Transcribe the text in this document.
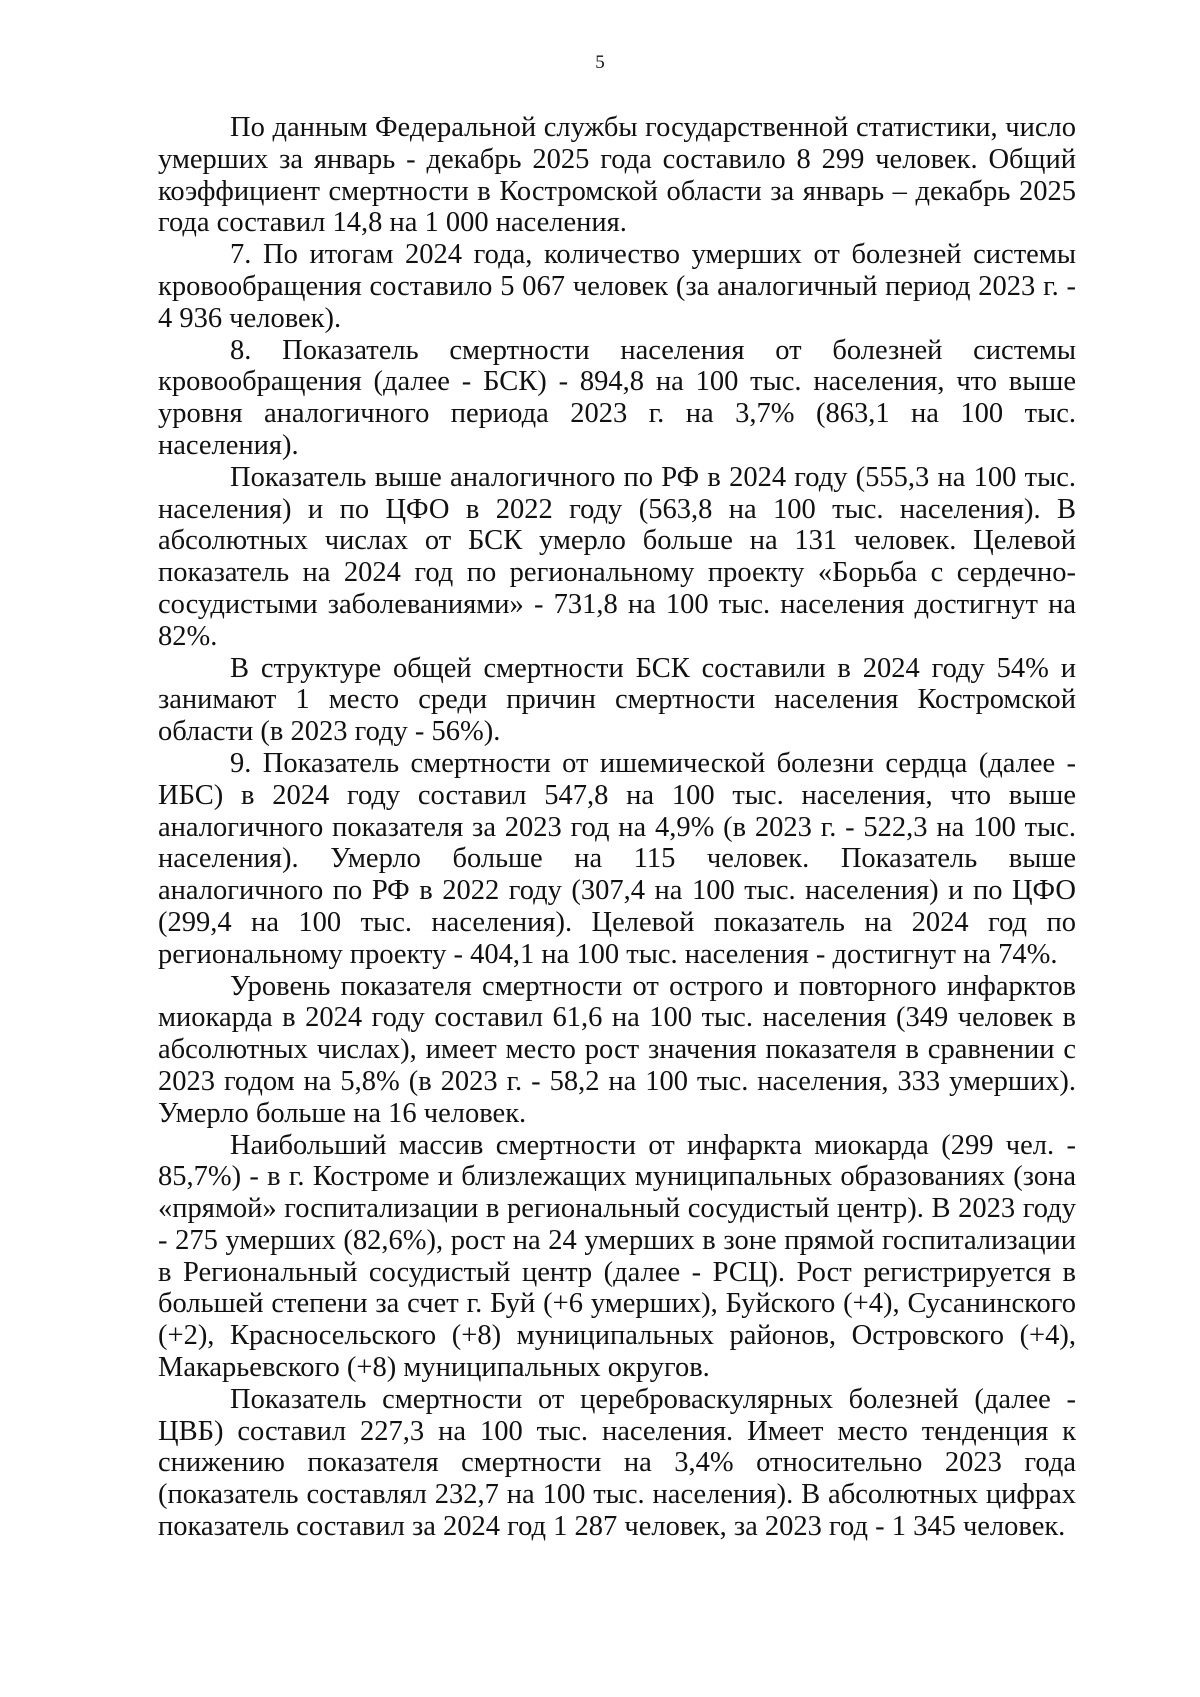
5

По данным Федеральной службы государственной статистики, число умерших за январь - декабрь 2025 года составило 8 299 человек. Общий коэффициент смертности в Костромской области за январь – декабрь 2025 года составил 14,8 на 1 000 населения.

7. По итогам 2024 года, количество умерших от болезней системы кровообращения составило 5 067 человек (за аналогичный период 2023 г. - 4 936 человек).

8. Показатель смертности населения от болезней системы кровообращения (далее - БСК) - 894,8 на 100 тыс. населения, что выше уровня аналогичного периода 2023 г. на 3,7% (863,1 на 100 тыс. населения).

Показатель выше аналогичного по РФ в 2024 году (555,3 на 100 тыс. населения) и по ЦФО в 2022 году (563,8 на 100 тыс. населения). В абсолютных числах от БСК умерло больше на 131 человек. Целевой показатель на 2024 год по региональному проекту «Борьба с сердечно-сосудистыми заболеваниями» - 731,8 на 100 тыс. населения достигнут на 82%.

В структуре общей смертности БСК составили в 2024 году 54% и занимают 1 место среди причин смертности населения Костромской области (в 2023 году - 56%).

9. Показатель смертности от ишемической болезни сердца (далее - ИБС) в 2024 году составил 547,8 на 100 тыс. населения, что выше аналогичного показателя за 2023 год на 4,9% (в 2023 г. - 522,3 на 100 тыс. населения). Умерло больше на 115 человек. Показатель выше аналогичного по РФ в 2022 году (307,4 на 100 тыс. населения) и по ЦФО (299,4 на 100 тыс. населения). Целевой показатель на 2024 год по региональному проекту - 404,1 на 100 тыс. населения - достигнут на 74%.

Уровень показателя смертности от острого и повторного инфарктов миокарда в 2024 году составил 61,6 на 100 тыс. населения (349 человек в абсолютных числах), имеет место рост значения показателя в сравнении с 2023 годом на 5,8% (в 2023 г. - 58,2 на 100 тыс. населения, 333 умерших). Умерло больше на 16 человек.

Наибольший массив смертности от инфаркта миокарда (299 чел. - 85,7%) - в г. Костроме и близлежащих муниципальных образованиях (зона «прямой» госпитализации в региональный сосудистый центр). В 2023 году - 275 умерших (82,6%), рост на 24 умерших в зоне прямой госпитализации в Региональный сосудистый центр (далее - РСЦ). Рост регистрируется в большей степени за счет г. Буй (+6 умерших), Буйского (+4), Сусанинского (+2), Красносельского (+8) муниципальных районов, Островского (+4), Макарьевского (+8) муниципальных округов.

Показатель смертности от цереброваскулярных болезней (далее - ЦВБ) составил 227,3 на 100 тыс. населения. Имеет место тенденция к снижению показателя смертности на 3,4% относительно 2023 года (показатель составлял 232,7 на 100 тыс. населения). В абсолютных цифрах показатель составил за 2024 год 1 287 человек, за 2023 год - 1 345 человек.
